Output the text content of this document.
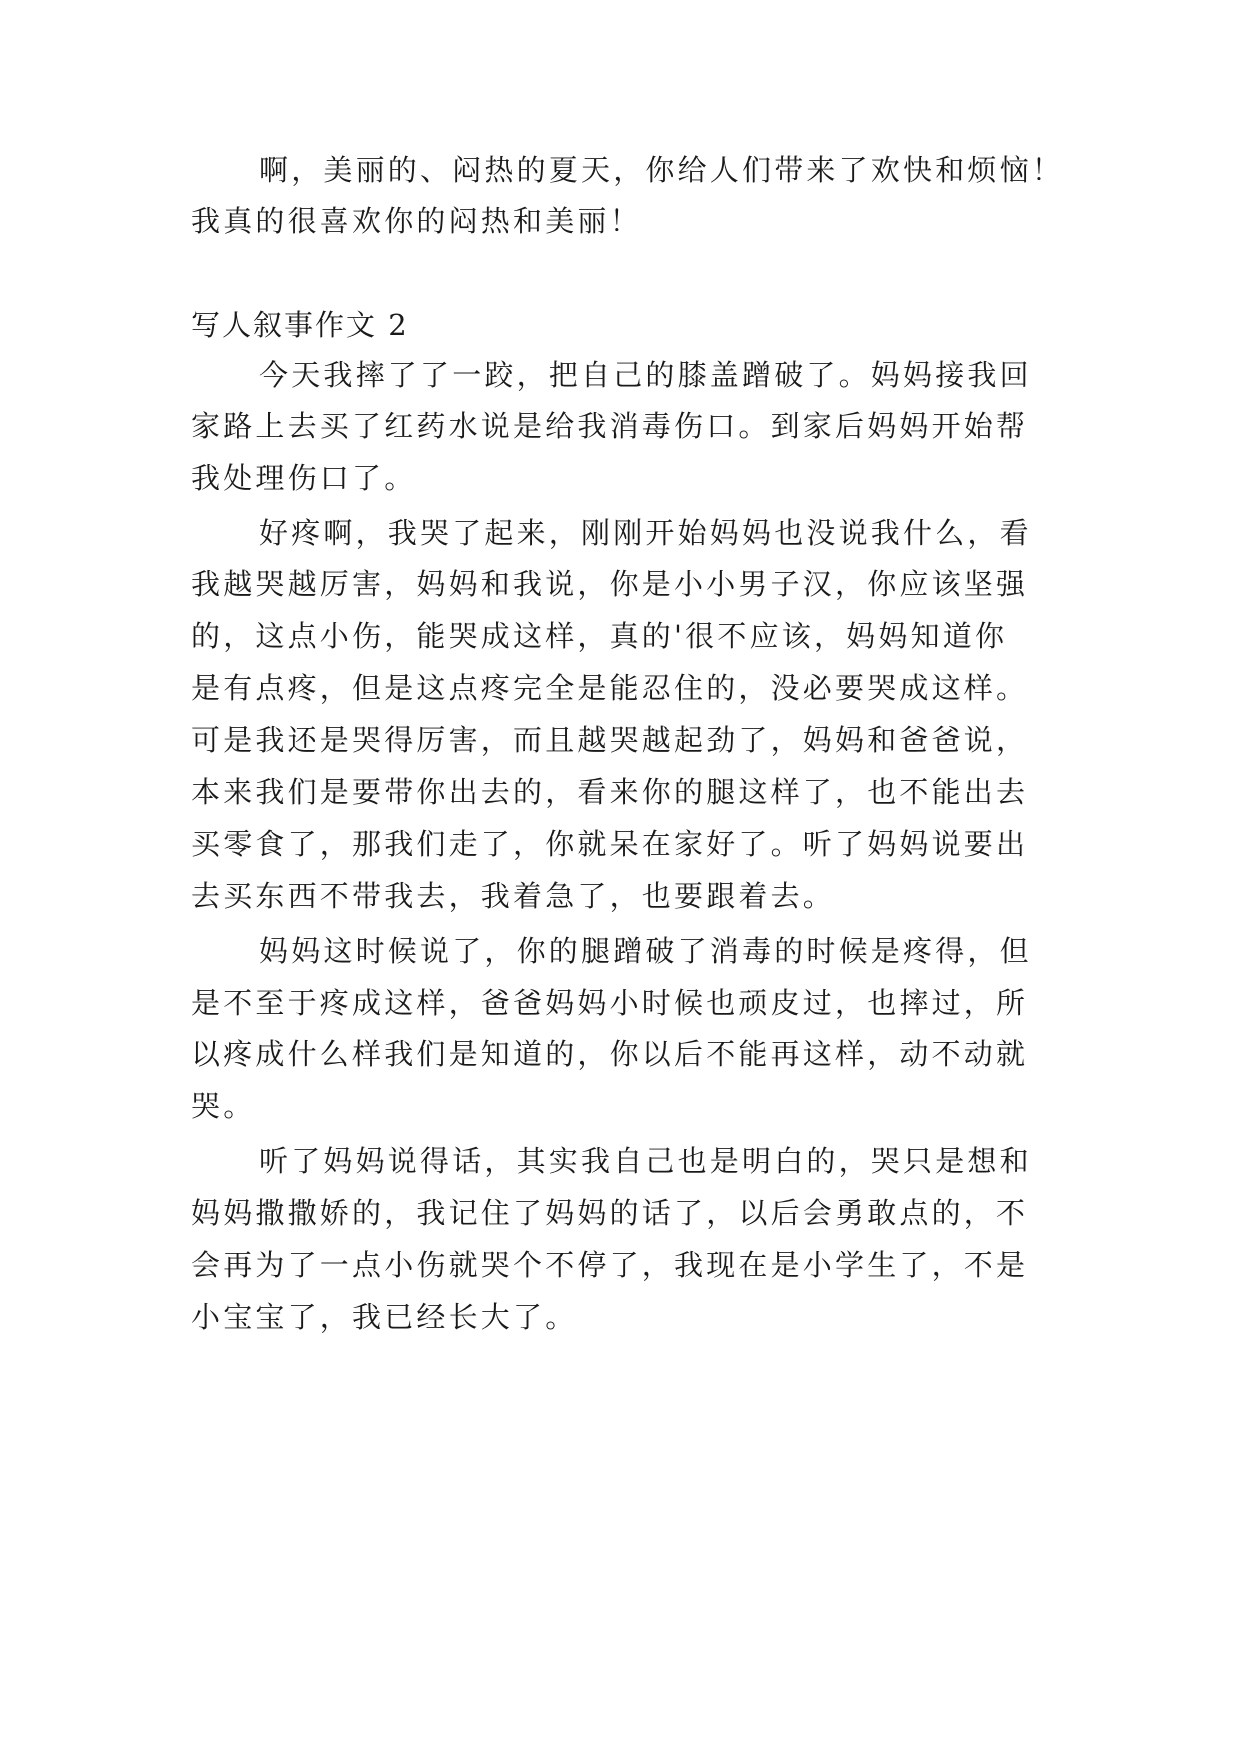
啊，美丽的、闷热的夏天，你给人们带来了欢快和烦恼！
我真的很喜欢你的闷热和美丽！
写人叙事作文 2
今天我摔了了一跤，把自己的膝盖蹭破了。妈妈接我回
家路上去买了红药水说是给我消毒伤口。到家后妈妈开始帮
我处理伤口了。
好疼啊，我哭了起来，刚刚开始妈妈也没说我什么，看
我越哭越厉害，妈妈和我说，你是小小男子汉，你应该坚强
的，这点小伤，能哭成这样，真的'很不应该，妈妈知道你
是有点疼，但是这点疼完全是能忍住的，没必要哭成这样。
可是我还是哭得厉害，而且越哭越起劲了，妈妈和爸爸说，
本来我们是要带你出去的，看来你的腿这样了，也不能出去
买零食了，那我们走了，你就呆在家好了。听了妈妈说要出
去买东西不带我去，我着急了，也要跟着去。
妈妈这时候说了，你的腿蹭破了消毒的时候是疼得，但
是不至于疼成这样，爸爸妈妈小时候也顽皮过，也摔过，所
以疼成什么样我们是知道的，你以后不能再这样，动不动就
哭。
听了妈妈说得话，其实我自己也是明白的，哭只是想和
妈妈撒撒娇的，我记住了妈妈的话了，以后会勇敢点的，不
会再为了一点小伤就哭个不停了，我现在是小学生了，不是
小宝宝了，我已经长大了。
